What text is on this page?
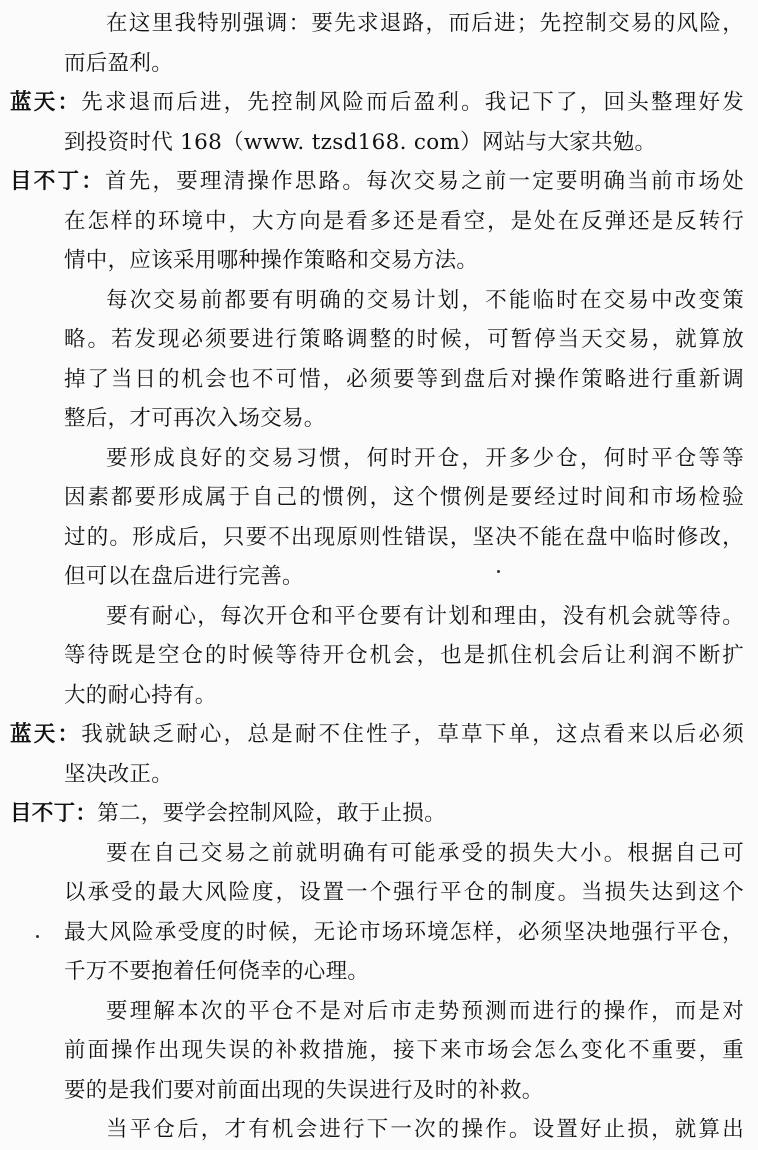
在这里我特别强调：要先求退路，而后进；先控制交易的风险，
而后盈利。
蓝天：先求退而后进，先控制风险而后盈利。我记下了，回头整理好发
到投资时代 168（www. tzsd168. com）网站与大家共勉。
目不丁：首先，要理清操作思路。每次交易之前一定要明确当前市场处
在怎样的环境中，大方向是看多还是看空，是处在反弹还是反转行
情中，应该采用哪种操作策略和交易方法。
每次交易前都要有明确的交易计划，不能临时在交易中改变策
略。若发现必须要进行策略调整的时候，可暂停当天交易，就算放
掉了当日的机会也不可惜，必须要等到盘后对操作策略进行重新调
整后，才可再次入场交易。
要形成良好的交易习惯，何时开仓，开多少仓，何时平仓等等
因素都要形成属于自己的惯例，这个惯例是要经过时间和市场检验
过的。形成后，只要不出现原则性错误，坚决不能在盘中临时修改，
但可以在盘后进行完善。
要有耐心，每次开仓和平仓要有计划和理由，没有机会就等待。
等待既是空仓的时候等待开仓机会，也是抓住机会后让利润不断扩
大的耐心持有。
蓝天：我就缺乏耐心，总是耐不住性子，草草下单，这点看来以后必须
坚决改正。
目不丁：第二，要学会控制风险，敢于止损。
要在自己交易之前就明确有可能承受的损失大小。根据自己可
以承受的最大风险度，设置一个强行平仓的制度。当损失达到这个
最大风险承受度的时候，无论市场环境怎样，必须坚决地强行平仓，
千万不要抱着任何侥幸的心理。
要理解本次的平仓不是对后市走势预测而进行的操作，而是对
前面操作出现失误的补救措施，接下来市场会怎么变化不重要，重
要的是我们要对前面出现的失误进行及时的补救。
当平仓后，才有机会进行下一次的操作。设置好止损，就算出
